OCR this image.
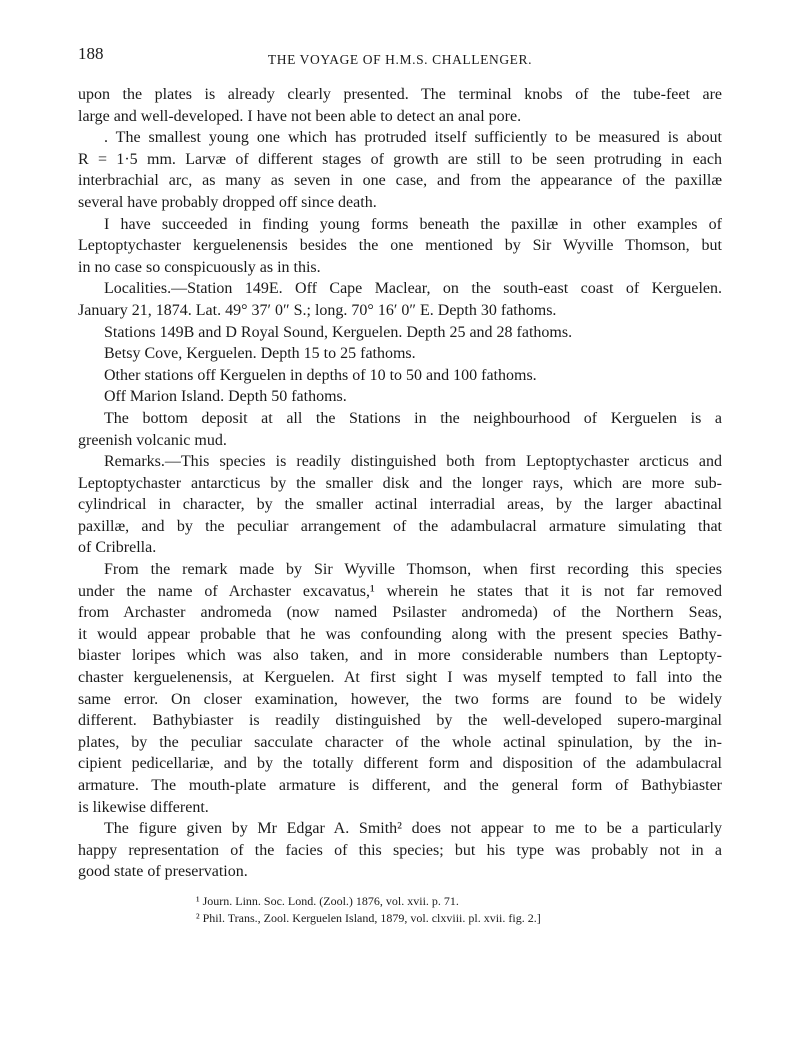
188	THE VOYAGE OF H.M.S. CHALLENGER.
upon the plates is already clearly presented. The terminal knobs of the tube-feet are
large and well-developed. I have not been able to detect an anal pore.
. The smallest young one which has protruded itself sufficiently to be measured is about
R = 1·5 mm. Larvæ of different stages of growth are still to be seen protruding in each
interbrachial arc, as many as seven in one case, and from the appearance of the paxillæ
several have probably dropped off since death.
I have succeeded in finding young forms beneath the paxillæ in other examples of
Leptoptychaster kerguelenensis besides the one mentioned by Sir Wyville Thomson, but
in no case so conspicuously as in this.
Localities.—Station 149E. Off Cape Maclear, on the south-east coast of Kerguelen.
January 21, 1874. Lat. 49° 37′ 0″ S.; long. 70° 16′ 0″ E. Depth 30 fathoms.
Stations 149B and D Royal Sound, Kerguelen. Depth 25 and 28 fathoms.
Betsy Cove, Kerguelen. Depth 15 to 25 fathoms.
Other stations off Kerguelen in depths of 10 to 50 and 100 fathoms.
Off Marion Island. Depth 50 fathoms.
The bottom deposit at all the Stations in the neighbourhood of Kerguelen is a
greenish volcanic mud.
Remarks.—This species is readily distinguished both from Leptoptychaster arcticus and
Leptoptychaster antarcticus by the smaller disk and the longer rays, which are more sub-
cylindrical in character, by the smaller actinal interradial areas, by the larger abactinal
paxillæ, and by the peculiar arrangement of the adambulacral armature simulating that
of Cribrella.
From the remark made by Sir Wyville Thomson, when first recording this species
under the name of Archaster excavatus,¹ wherein he states that it is not far removed
from Archaster andromeda (now named Psilaster andromeda) of the Northern Seas,
it would appear probable that he was confounding along with the present species Bathy-
biaster loripes which was also taken, and in more considerable numbers than Leptopty-
chaster kerguelenensis, at Kerguelen. At first sight I was myself tempted to fall into the
same error. On closer examination, however, the two forms are found to be widely
different. Bathybiaster is readily distinguished by the well-developed supero-marginal
plates, by the peculiar sacculate character of the whole actinal spinulation, by the in-
cipient pedicellariæ, and by the totally different form and disposition of the adambulacral
armature. The mouth-plate armature is different, and the general form of Bathybiaster
is likewise different.
The figure given by Mr Edgar A. Smith² does not appear to me to be a particularly
happy representation of the facies of this species; but his type was probably not in a
good state of preservation.
¹ Journ. Linn. Soc. Lond. (Zool.) 1876, vol. xvii. p. 71.
² Phil. Trans., Zool. Kerguelen Island, 1879, vol. clxviii. pl. xvii. fig. 2.]
